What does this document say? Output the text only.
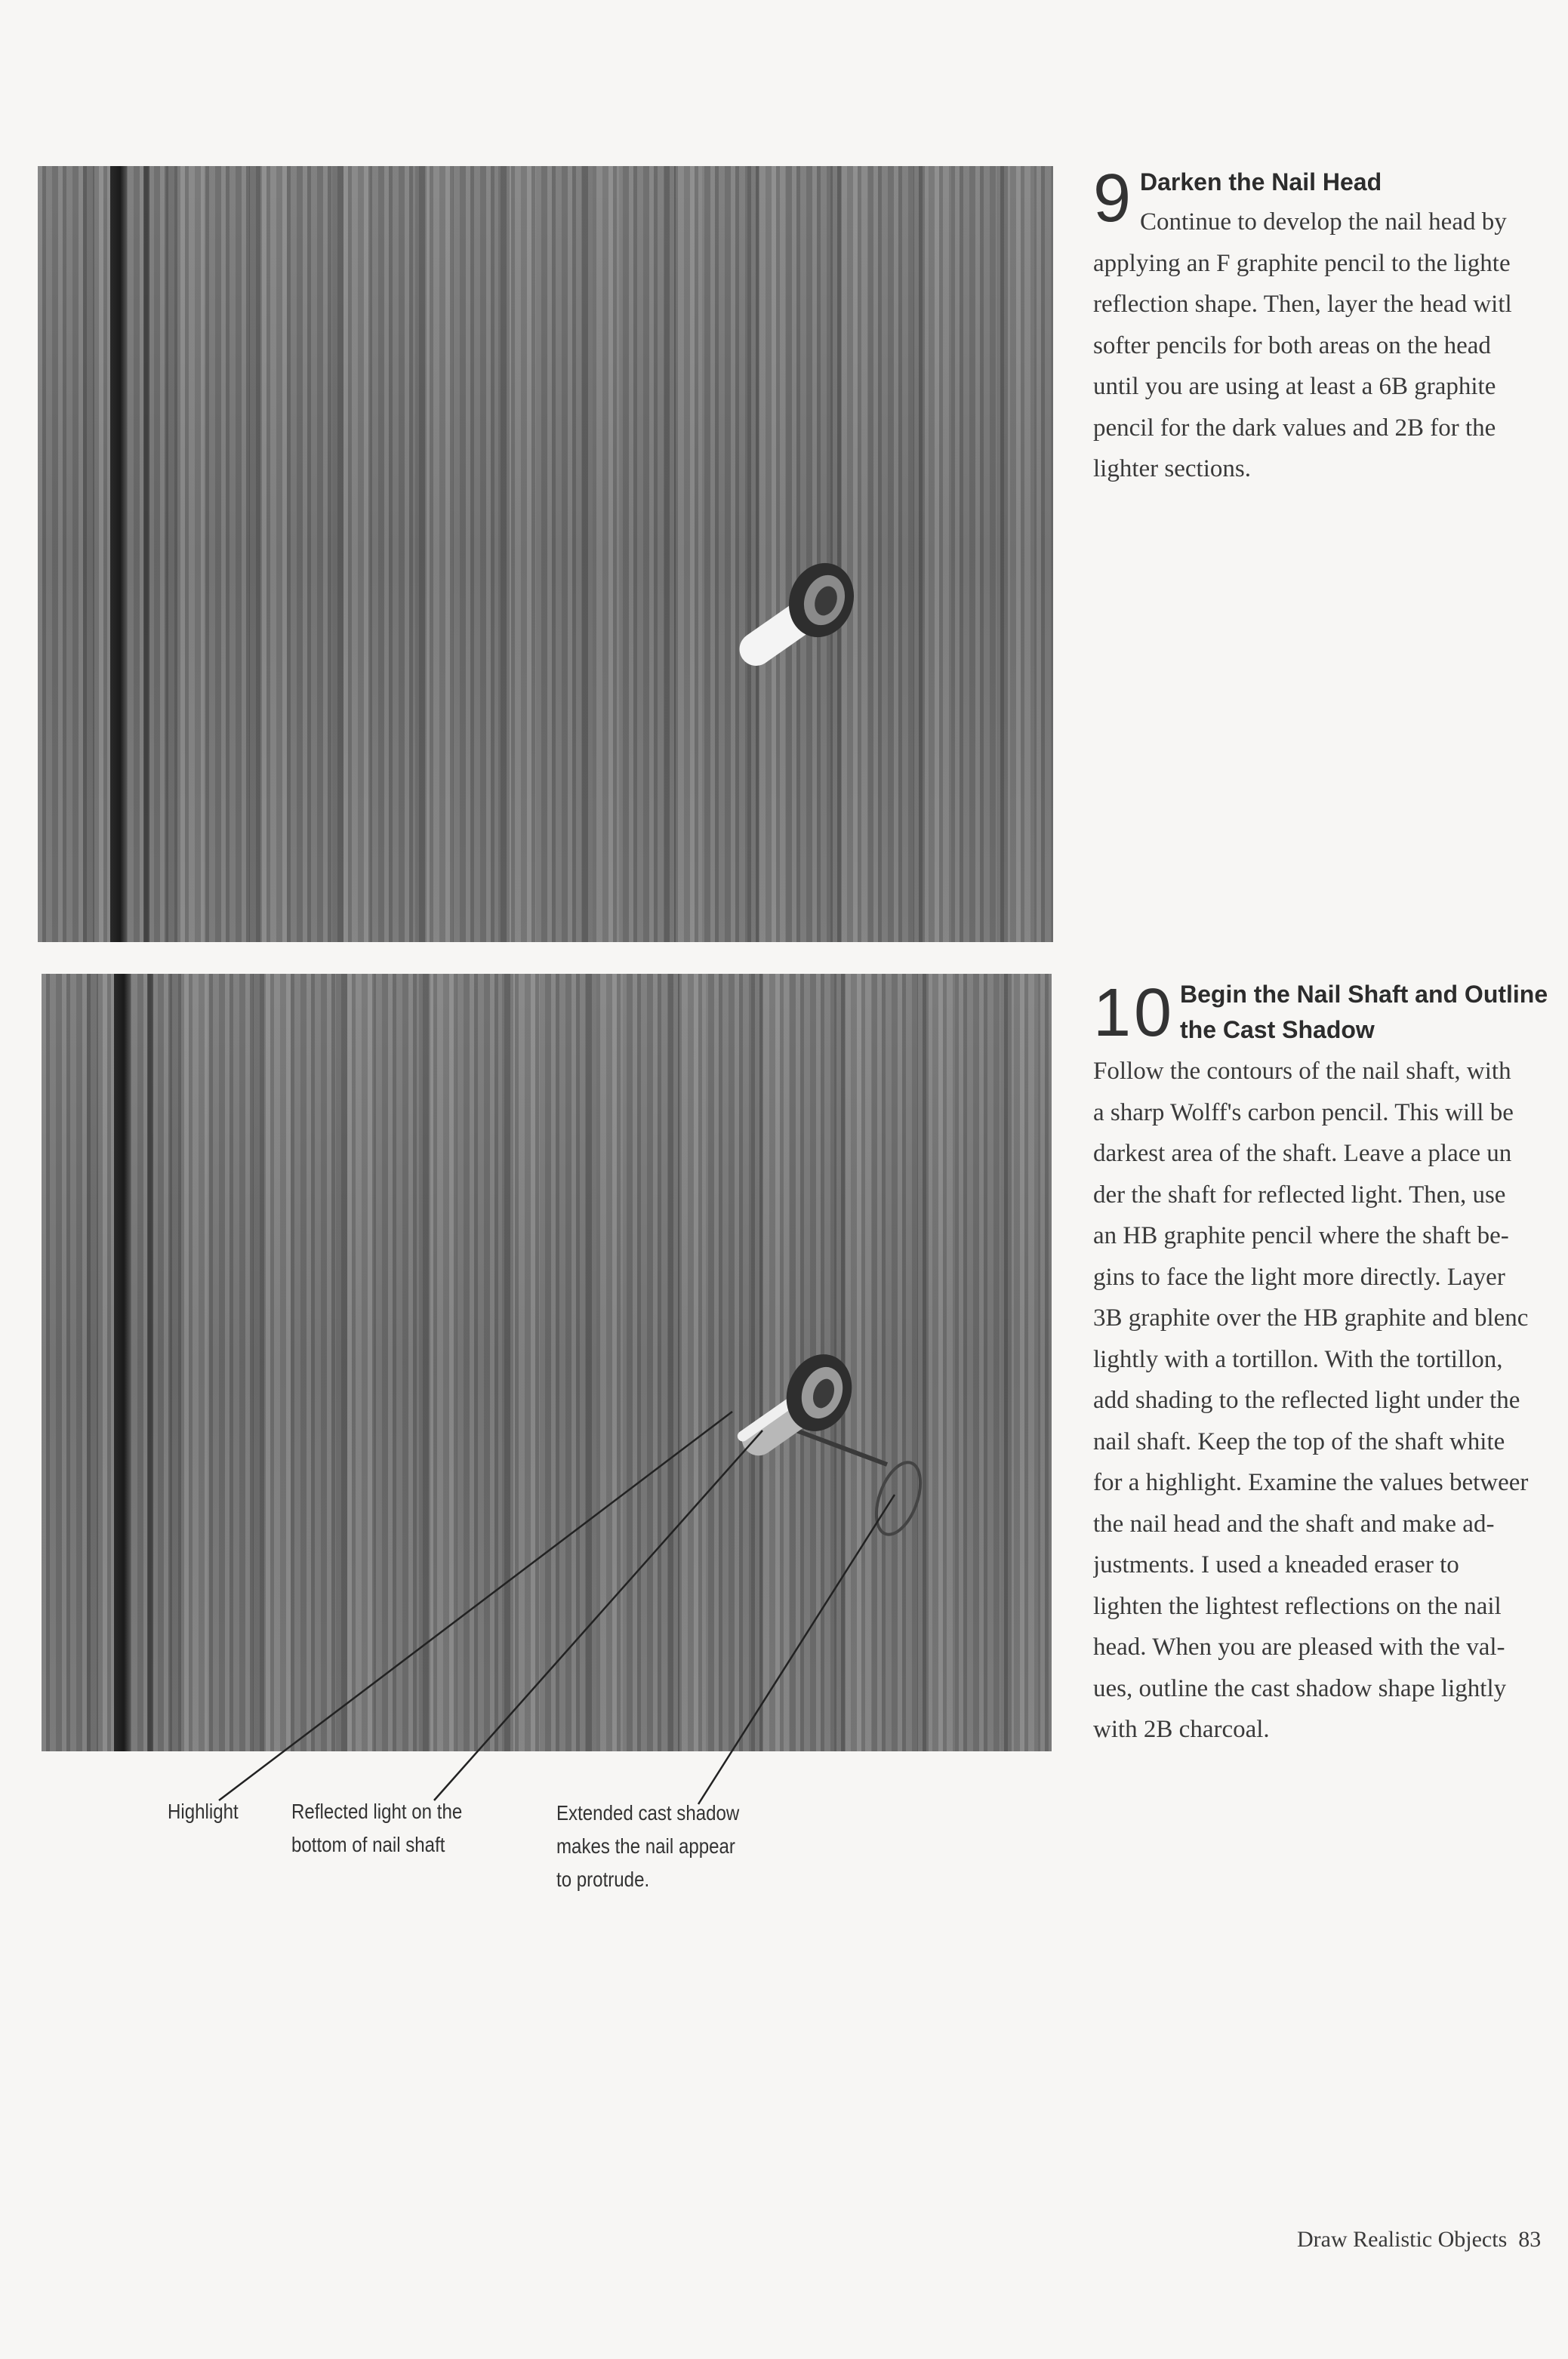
Highlight	Reflected light on the
bottom of nail shaft
Extended cast shadow
makes the nail appear
to protrude.
9 Darken the Nail Head
Continue to develop the nail head by
applying an F graphite pencil to the lighte
reflection shape. Then, layer the head witl
softer pencils for both areas on the head
until you are using at least a 6B graphite
pencil for the dark values and 2B for the
lighter sections.
10 Begin the Nail Shaft and Outline
the Cast Shadow
Follow the contours of the nail shaft, with
a sharp Wolff's carbon pencil. This will be
darkest area of the shaft. Leave a place un
der the shaft for reflected light. Then, use
an HB graphite pencil where the shaft be-
gins to face the light more directly. Layer
3B graphite over the HB graphite and blenc
lightly with a tortillon. With the tortillon,
add shading to the reflected light under the
nail shaft. Keep the top of the shaft white
for a highlight. Examine the values betweer
the nail head and the shaft and make ad-
justments. I used a kneaded eraser to
lighten the lightest reflections on the nail
head. When you are pleased with the val-
ues, outline the cast shadow shape lightly
with 2B charcoal.
Draw Realistic Objects 83
